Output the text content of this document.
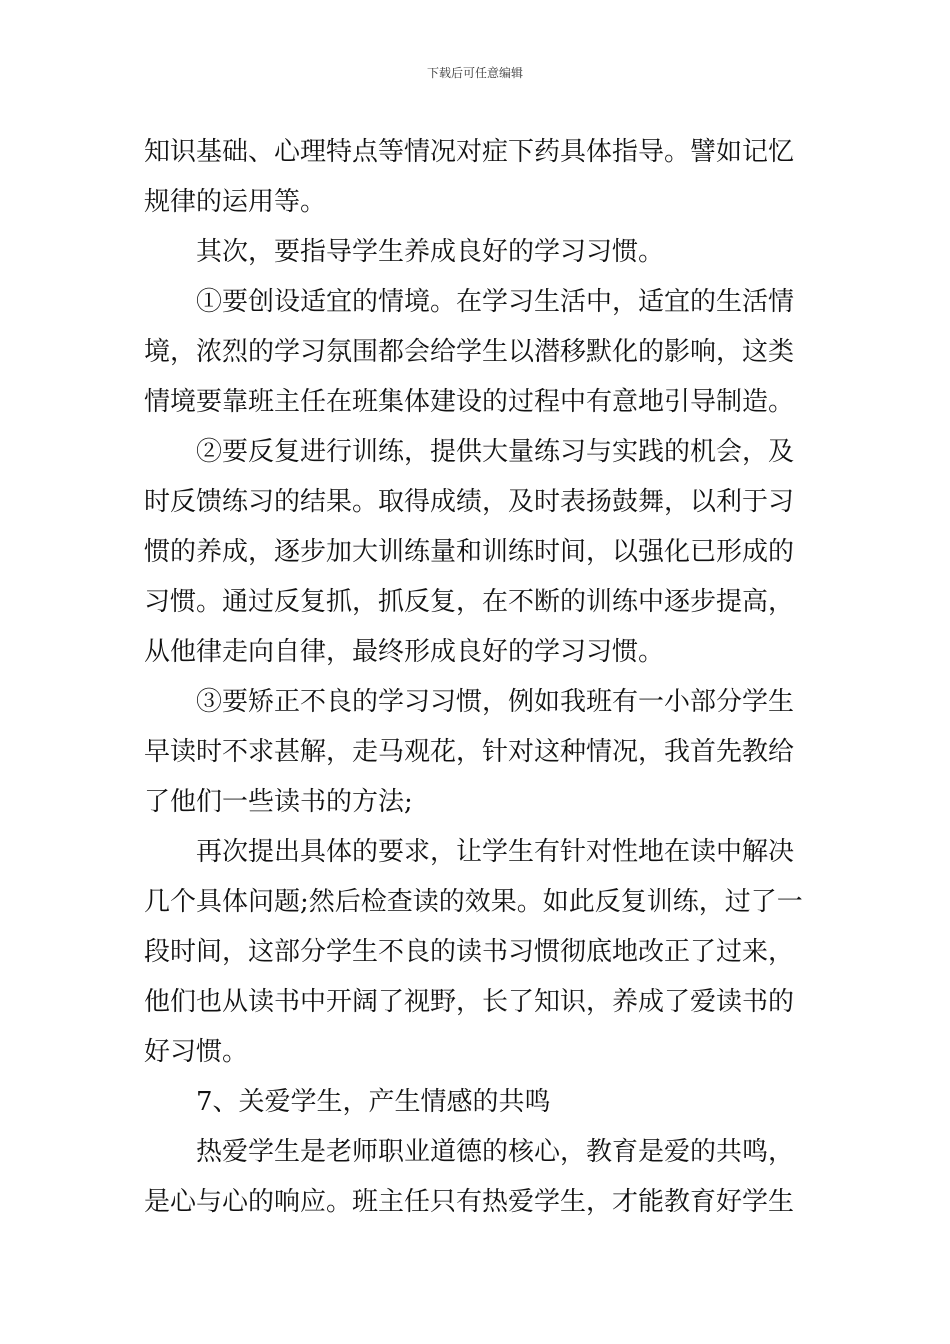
下载后可任意编辑
知识基础、心理特点等情况对症下药具体指导。譬如记忆
规律的运用等。
其次，要指导学生养成良好的学习习惯。
①要创设适宜的情境。在学习生活中，适宜的生活情
境，浓烈的学习氛围都会给学生以潜移默化的影响，这类
情境要靠班主任在班集体建设的过程中有意地引导制造。
②要反复进行训练，提供大量练习与实践的机会，及
时反馈练习的结果。取得成绩，及时表扬鼓舞，以利于习
惯的养成，逐步加大训练量和训练时间，以强化已形成的
习惯。通过反复抓，抓反复，在不断的训练中逐步提高，
从他律走向自律，最终形成良好的学习习惯。
③要矫正不良的学习习惯，例如我班有一小部分学生
早读时不求甚解，走马观花，针对这种情况，我首先教给
了他们一些读书的方法;
再次提出具体的要求，让学生有针对性地在读中解决
几个具体问题;然后检查读的效果。如此反复训练，过了一
段时间，这部分学生不良的读书习惯彻底地改正了过来，
他们也从读书中开阔了视野，长了知识，养成了爱读书的
好习惯。
7、关爱学生，产生情感的共鸣
热爱学生是老师职业道德的核心，教育是爱的共鸣，
是心与心的响应。班主任只有热爱学生，才能教育好学生
